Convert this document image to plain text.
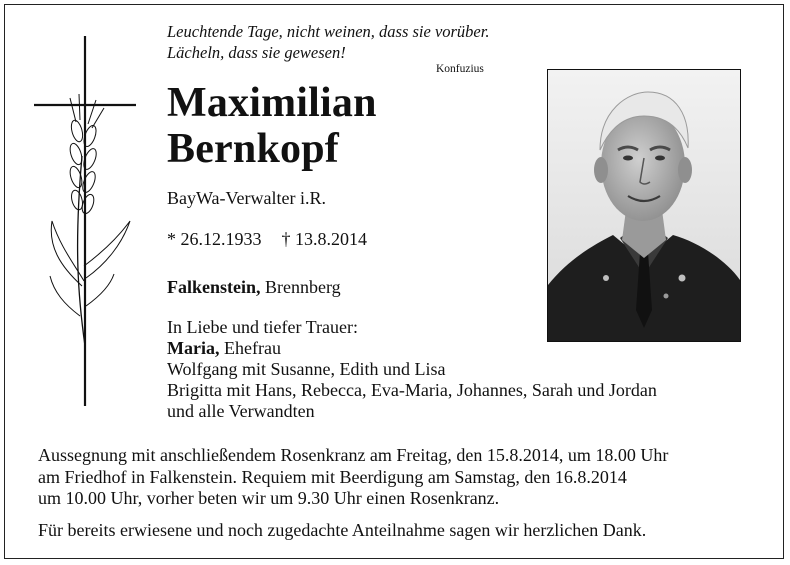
Leuchtende Tage, nicht weinen, dass sie vorüber.
Lächeln, dass sie gewesen!
Konfuzius
Maximilian
Bernkopf
BayWa-Verwalter i.R.
* 26.12.1933 † 13.8.2014
Falkenstein, Brennberg
In Liebe und tiefer Trauer:
Maria, Ehefrau
Wolfgang mit Susanne, Edith und Lisa
Brigitta mit Hans, Rebecca, Eva-Maria, Johannes, Sarah und Jordan
und alle Verwandten
Aussegnung mit anschließendem Rosenkranz am Freitag, den 15.8.2014, um 18.00 Uhr
am Friedhof in Falkenstein. Requiem mit Beerdigung am Samstag, den 16.8.2014
um 10.00 Uhr, vorher beten wir um 9.30 Uhr einen Rosenkranz.
Für bereits erwiesene und noch zugedachte Anteilnahme sagen wir herzlichen Dank.
